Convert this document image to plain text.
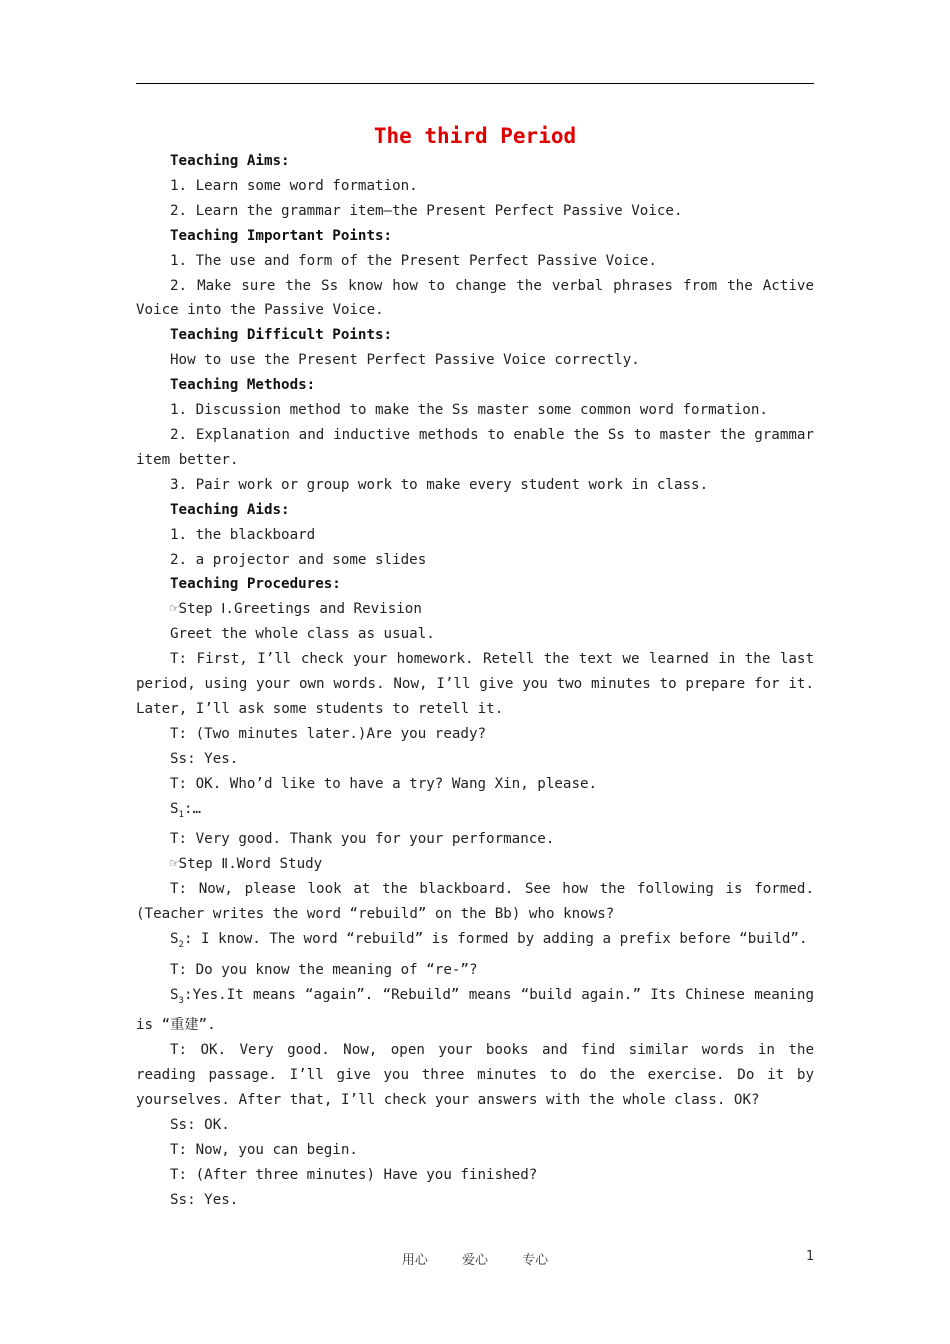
The third Period

Teaching Aims:

1. Learn some word formation.

2. Learn the grammar item—the Present Perfect Passive Voice.

Teaching Important Points:

1. The use and form of the Present Perfect Passive Voice.

2. Make sure the Ss know how to change the verbal phrases from the Active Voice into the Passive Voice.

Teaching Difficult Points:

How to use the Present Perfect Passive Voice correctly.

Teaching Methods:

1. Discussion method to make the Ss master some common word formation.

2. Explanation and inductive methods to enable the Ss to master the grammar item better.

3. Pair work or group work to make every student work in class.

Teaching Aids:

1. the blackboard

2. a projector and some slides

Teaching Procedures:

☞Step Ⅰ.Greetings and Revision

Greet the whole class as usual.

T: First, I’ll check your homework. Retell the text we learned in the last period, using your own words. Now, I’ll give you two minutes to prepare for it. Later, I’ll ask some students to retell it.

T: (Two minutes later.)Are you ready?

Ss: Yes.

T: OK. Who’d like to have a try? Wang Xin, please.

$S_1:\dots$

T: Very good. Thank you for your performance.

☞Step Ⅱ.Word Study

T: Now, please look at the blackboard. See how the following is formed. (Teacher writes the word “rebuild” on the Bb) who knows?

$S_2$: I know. The word “rebuild” is formed by adding a prefix before “build”.

T: Do you know the meaning of “re-”?

$S_3:Yes.It$ means “again”. “Rebuild” means “build again.” Its Chinese meaning is “重建”.

T: OK. Very good. Now, open your books and find similar words in the reading passage. I’ll give you three minutes to do the exercise. Do it by yourselves. After that, I’ll check your answers with the whole class. OK?

Ss: OK.

T: Now, you can begin.

T: (After three minutes) Have you finished?

Ss: Yes.

用心 爱心 专心	1
